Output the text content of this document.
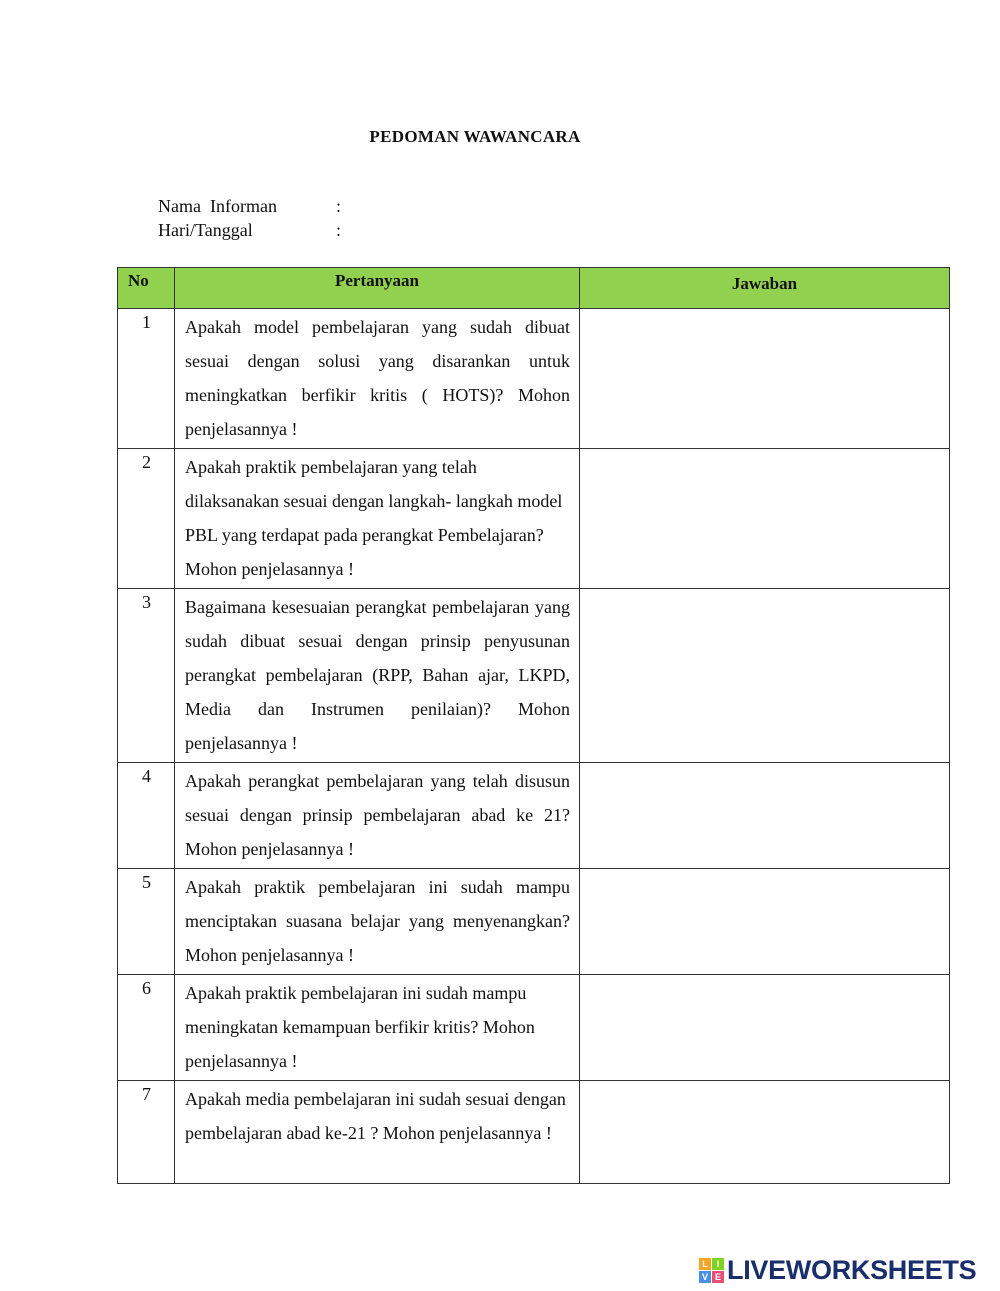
PEDOMAN WAWANCARA
Nama  Informan	:
Hari/Tanggal	:
No	Pertanyaan	Jawaban
1	Apakah model pembelajaran yang sudah dibuat sesuai dengan solusi yang disarankan untuk meningkatkan berfikir kritis ( HOTS)? Mohon penjelasannya !	
2	Apakah praktik pembelajaran yang telah dilaksanakan sesuai dengan langkah- langkah model PBL yang terdapat pada perangkat Pembelajaran? Mohon penjelasannya !	
3	Bagaimana kesesuaian perangkat pembelajaran yang sudah dibuat sesuai dengan prinsip penyusunan perangkat pembelajaran (RPP, Bahan ajar, LKPD, Media dan Instrumen penilaian)? Mohon penjelasannya !	
4	Apakah perangkat pembelajaran yang telah disusun sesuai dengan prinsip pembelajaran abad ke 21? Mohon penjelasannya !	
5	Apakah praktik pembelajaran ini sudah mampu menciptakan suasana belajar yang menyenangkan? Mohon penjelasannya !	
6	Apakah praktik pembelajaran ini sudah mampu meningkatan kemampuan berfikir kritis? Mohon penjelasannya !	
7	Apakah media pembelajaran ini sudah sesuai dengan pembelajaran abad ke-21 ? Mohon penjelasannya !	
L I
V E LIVEWORKSHEETS
